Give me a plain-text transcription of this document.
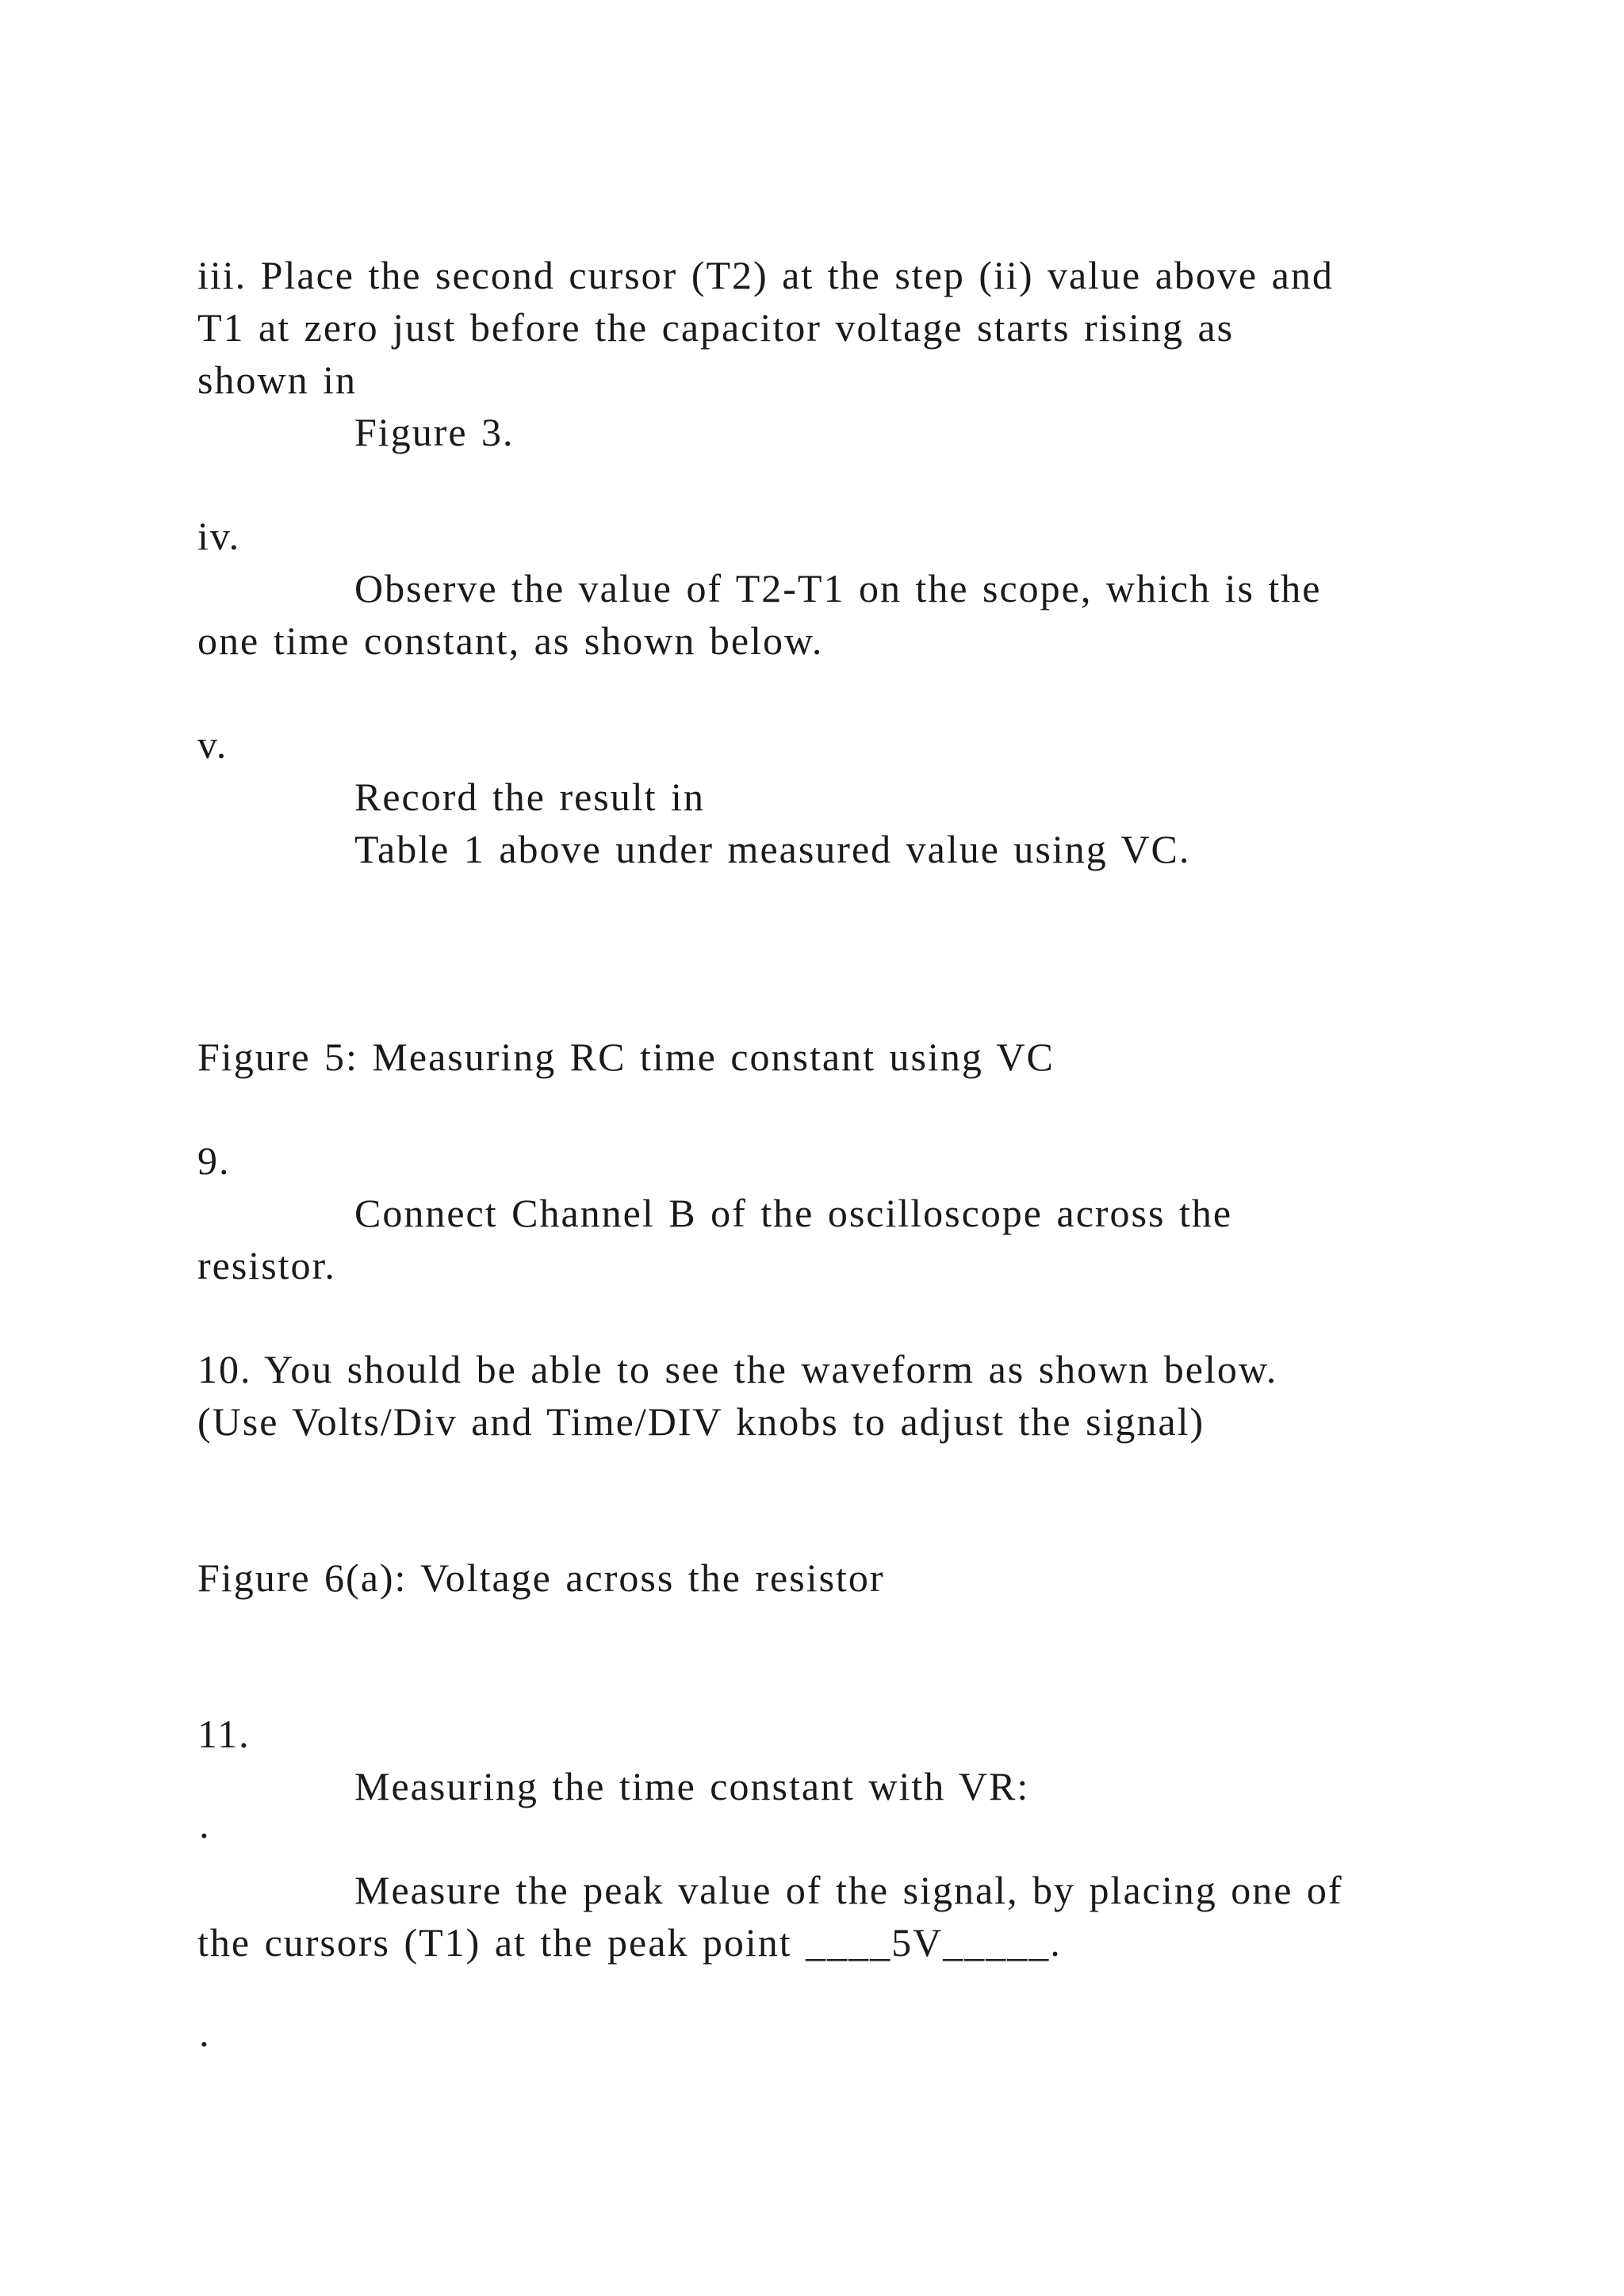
iii. Place the second cursor (T2) at the step (ii) value above and
T1 at zero just before the capacitor voltage starts rising as
shown in
Figure 3.
iv.
Observe the value of T2-T1 on the scope, which is the
one time constant, as shown below.
v.
Record the result in
Table 1 above under measured value using VC.
Figure 5: Measuring RC time constant using VC
9.
Connect Channel B of the oscilloscope across the
resistor.
10. You should be able to see the waveform as shown below.
(Use Volts/Div and Time/DIV knobs to adjust the signal)
Figure 6(a): Voltage across the resistor
11.
Measuring the time constant with VR:
·
Measure the peak value of the signal, by placing one of
the cursors (T1) at the peak point ____5V_____.
·
